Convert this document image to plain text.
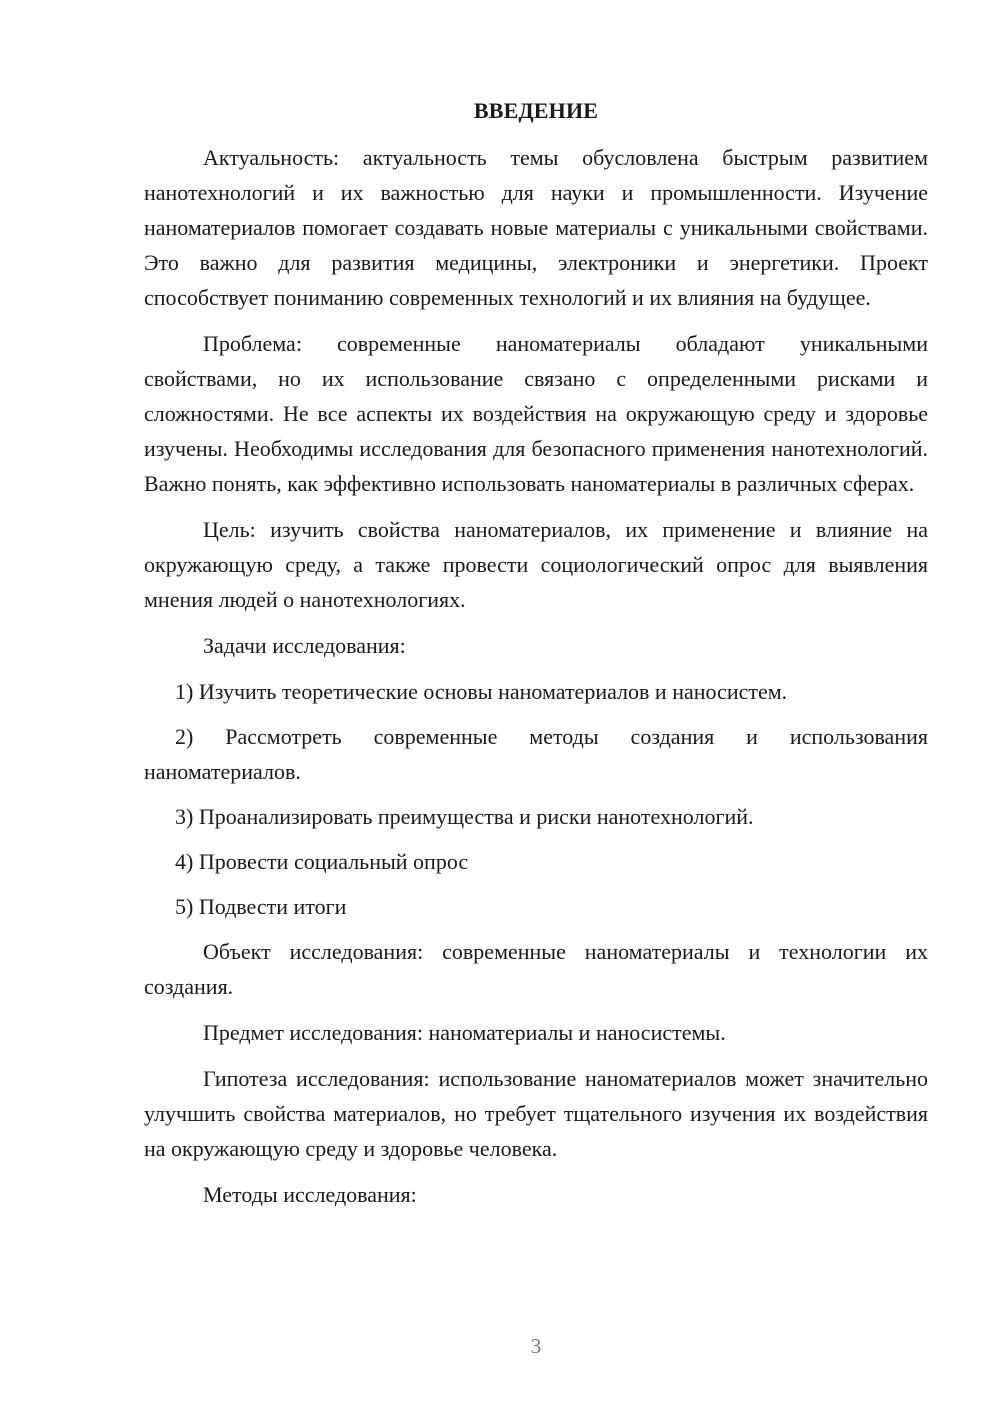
ВВЕДЕНИЕ

Актуальность: актуальность темы обусловлена быстрым развитием нанотехнологий и их важностью для науки и промышленности. Изучение наноматериалов помогает создавать новые материалы с уникальными свойствами. Это важно для развития медицины, электроники и энергетики. Проект способствует пониманию современных технологий и их влияния на будущее.

Проблема: современные наноматериалы обладают уникальными свойствами, но их использование связано с определенными рисками и сложностями. Не все аспекты их воздействия на окружающую среду и здоровье изучены. Необходимы исследования для безопасного применения нанотехнологий. Важно понять, как эффективно использовать наноматериалы в различных сферах.

Цель: изучить свойства наноматериалов, их применение и влияние на окружающую среду, а также провести социологический опрос для выявления мнения людей о нанотехнологиях.

Задачи исследования:

1) Изучить теоретические основы наноматериалов и наносистем.

2) Рассмотреть современные методы создания и использования наноматериалов.

3) Проанализировать преимущества и риски нанотехнологий.

4) Провести социальный опрос

5) Подвести итоги

Объект исследования: современные наноматериалы и технологии их создания.

Предмет исследования: наноматериалы и наносистемы.

Гипотеза исследования: использование наноматериалов может значительно улучшить свойства материалов, но требует тщательного изучения их воздействия на окружающую среду и здоровье человека.

Методы исследования:

3
